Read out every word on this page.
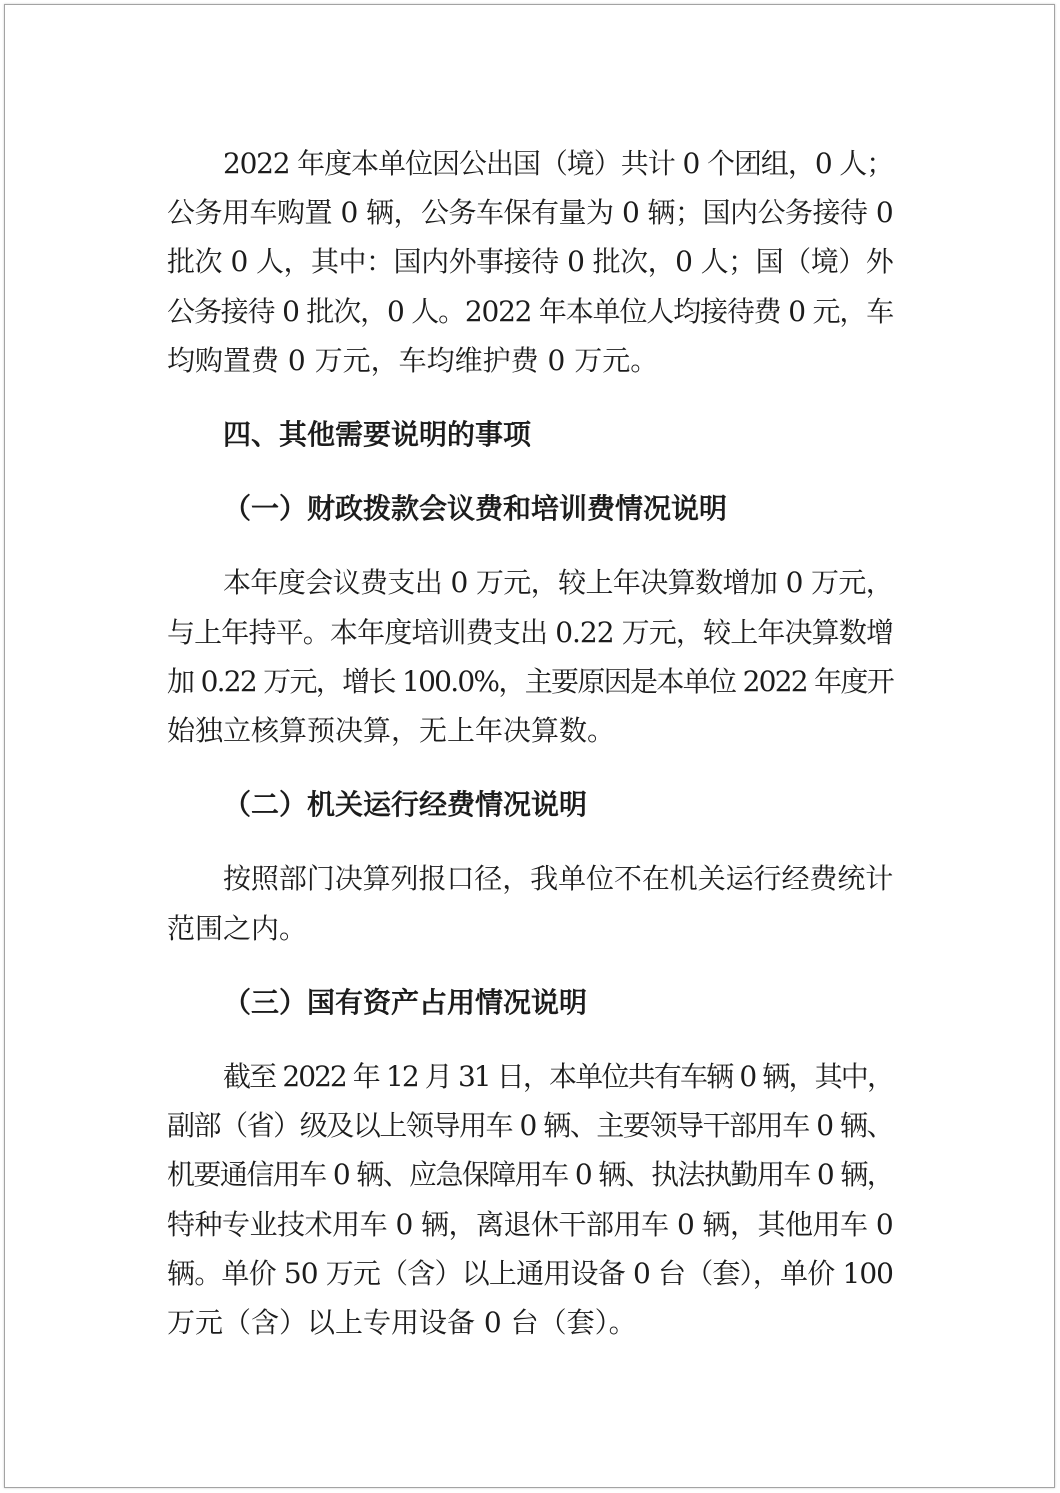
2022 年度本单位因公出国（境）共计 0 个团组，0 人；
公务用车购置 0 辆，公务车保有量为 0 辆；国内公务接待 0
批次 0 人，其中：国内外事接待 0 批次，0 人；国（境）外
公务接待 0 批次，0 人。2022 年本单位人均接待费 0 元，车
均购置费 0 万元，车均维护费 0 万元。
四、其他需要说明的事项
（一）财政拨款会议费和培训费情况说明
本年度会议费支出 0 万元，较上年决算数增加 0 万元，
与上年持平。本年度培训费支出 0.22 万元，较上年决算数增
加 0.22 万元，增长 100.0%，主要原因是本单位 2022 年度开
始独立核算预决算，无上年决算数。
（二）机关运行经费情况说明
按照部门决算列报口径，我单位不在机关运行经费统计
范围之内。
（三）国有资产占用情况说明
截至 2022 年 12 月 31 日，本单位共有车辆 0 辆，其中，
副部（省）级及以上领导用车 0 辆、主要领导干部用车 0 辆、
机要通信用车 0 辆、应急保障用车 0 辆、执法执勤用车 0 辆，
特种专业技术用车 0 辆，离退休干部用车 0 辆，其他用车 0
辆。单价 50 万元（含）以上通用设备 0 台（套），单价 100
万元（含）以上专用设备 0 台（套）。
